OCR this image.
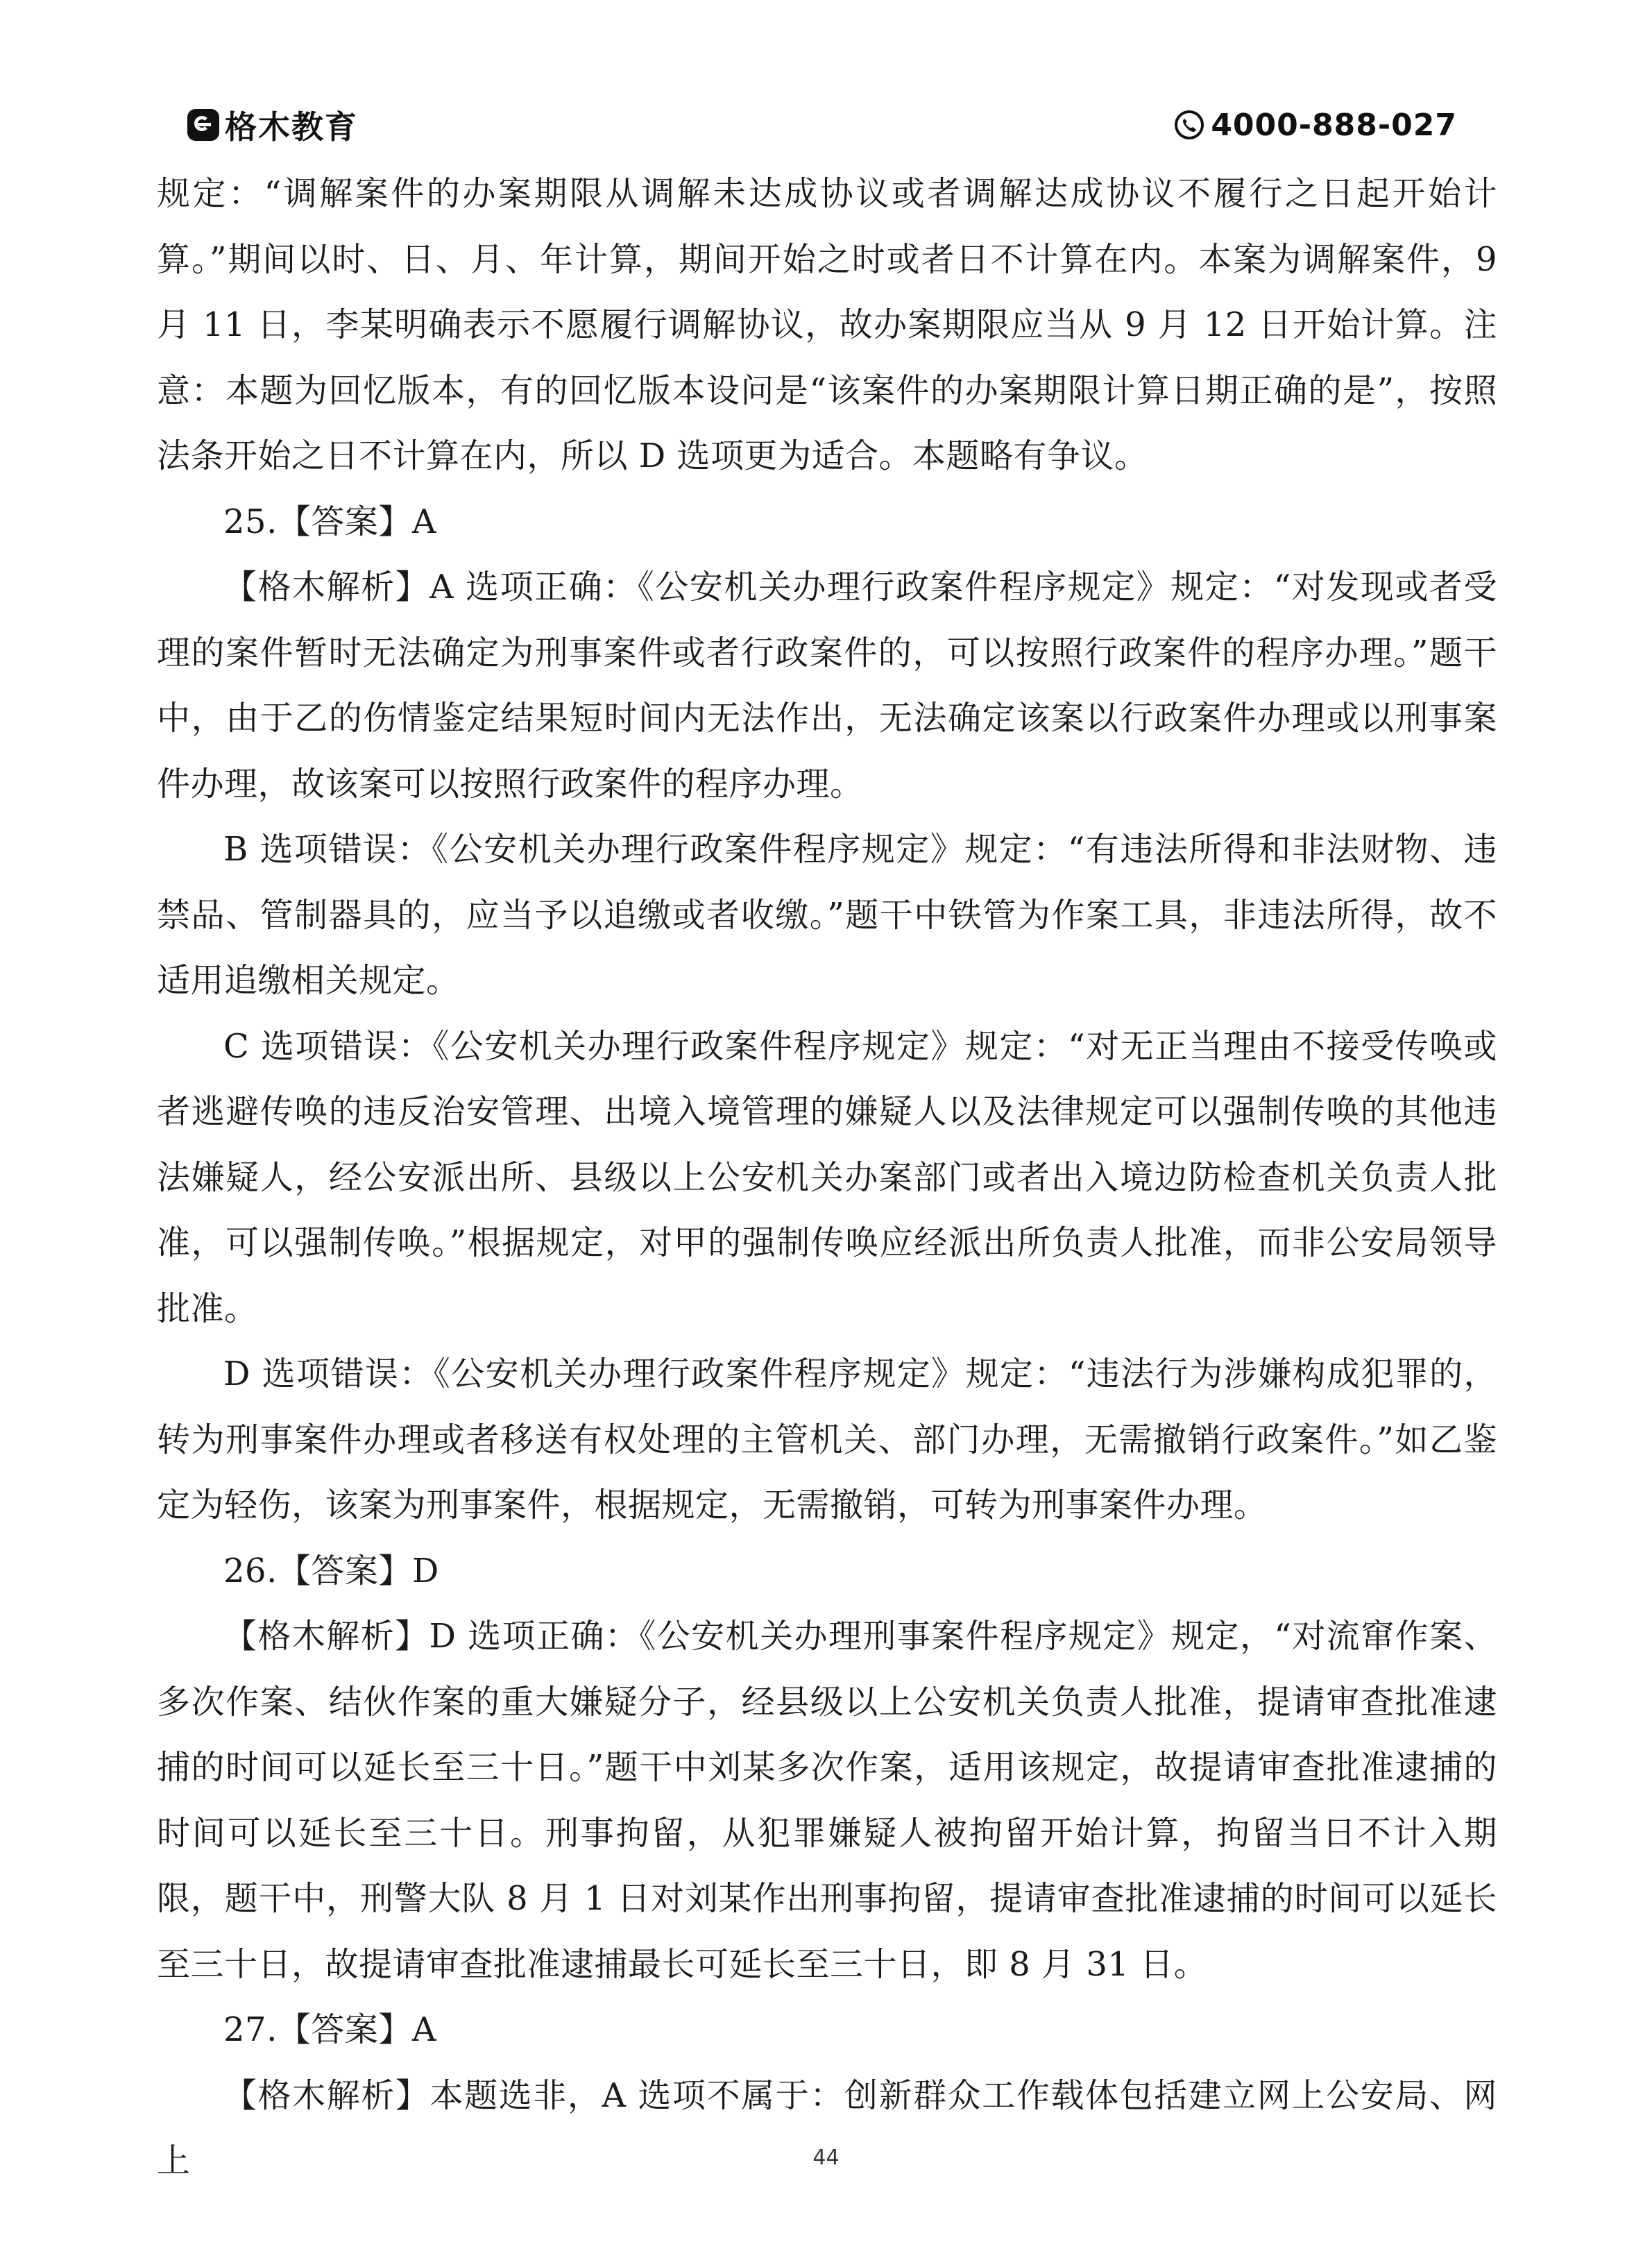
格木教育	4000-888-027

规定：“调解案件的办案期限从调解未达成协议或者调解达成协议不履行之日起开始计算。”期间以时、日、月、年计算，期间开始之时或者日不计算在内。本案为调解案件，9 月 11 日，李某明确表示不愿履行调解协议，故办案期限应当从 9 月 12 日开始计算。注意：本题为回忆版本，有的回忆版本设问是“该案件的办案期限计算日期正确的是”，按照法条开始之日不计算在内，所以 D 选项更为适合。本题略有争议。

25.【答案】A

【格木解析】A 选项正确：《公安机关办理行政案件程序规定》规定：“对发现或者受理的案件暂时无法确定为刑事案件或者行政案件的，可以按照行政案件的程序办理。”题干中，由于乙的伤情鉴定结果短时间内无法作出，无法确定该案以行政案件办理或以刑事案件办理，故该案可以按照行政案件的程序办理。

B 选项错误：《公安机关办理行政案件程序规定》规定：“有违法所得和非法财物、违禁品、管制器具的，应当予以追缴或者收缴。”题干中铁管为作案工具，非违法所得，故不适用追缴相关规定。

C 选项错误：《公安机关办理行政案件程序规定》规定：“对无正当理由不接受传唤或者逃避传唤的违反治安管理、出境入境管理的嫌疑人以及法律规定可以强制传唤的其他违法嫌疑人，经公安派出所、县级以上公安机关办案部门或者出入境边防检查机关负责人批准，可以强制传唤。”根据规定，对甲的强制传唤应经派出所负责人批准，而非公安局领导批准。

D 选项错误：《公安机关办理行政案件程序规定》规定：“违法行为涉嫌构成犯罪的，转为刑事案件办理或者移送有权处理的主管机关、部门办理，无需撤销行政案件。”如乙鉴定为轻伤，该案为刑事案件，根据规定，无需撤销，可转为刑事案件办理。

26.【答案】D

【格木解析】D 选项正确：《公安机关办理刑事案件程序规定》规定，“对流窜作案、多次作案、结伙作案的重大嫌疑分子，经县级以上公安机关负责人批准，提请审查批准逮捕的时间可以延长至三十日。”题干中刘某多次作案，适用该规定，故提请审查批准逮捕的时间可以延长至三十日。刑事拘留，从犯罪嫌疑人被拘留开始计算，拘留当日不计入期限，题干中，刑警大队 8 月 1 日对刘某作出刑事拘留，提请审查批准逮捕的时间可以延长至三十日，故提请审查批准逮捕最长可延长至三十日，即 8 月 31 日。

27.【答案】A

【格木解析】本题选非，A 选项不属于：创新群众工作载体包括建立网上公安局、网上	44
